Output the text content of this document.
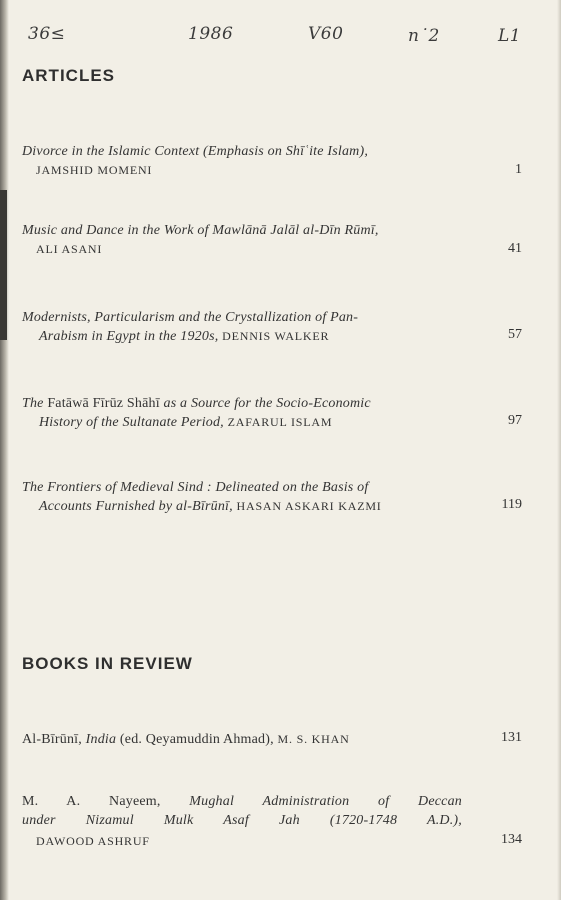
36≤	1986	V60	n˙2	L1
ARTICLES
Divorce in the Islamic Context (Emphasis on Shīʿite Islam),
JAMSHID MOMENI	1
Music and Dance in the Work of Mawlānā Jalāl al-Dīn Rūmī,
ALI ASANI	41
Modernists, Particularism and the Crystallization of Pan-
Arabism in Egypt in the 1920s, DENNIS WALKER	57
The Fatāwā Fīrūz Shāhī as a Source for the Socio-Economic
History of the Sultanate Period, ZAFARUL ISLAM	97
The Frontiers of Medieval Sind : Delineated on the Basis of
Accounts Furnished by al-Bīrūnī, HASAN ASKARI KAZMI	119
BOOKS IN REVIEW
Al-Bīrūnī, India (ed. Qeyamuddin Ahmad), M. S. KHAN	131
M. A. Nayeem, Mughal Administration of Deccan
under Nizamul Mulk Asaf Jah (1720-1748 A.D.),
DAWOOD ASHRUF	134
